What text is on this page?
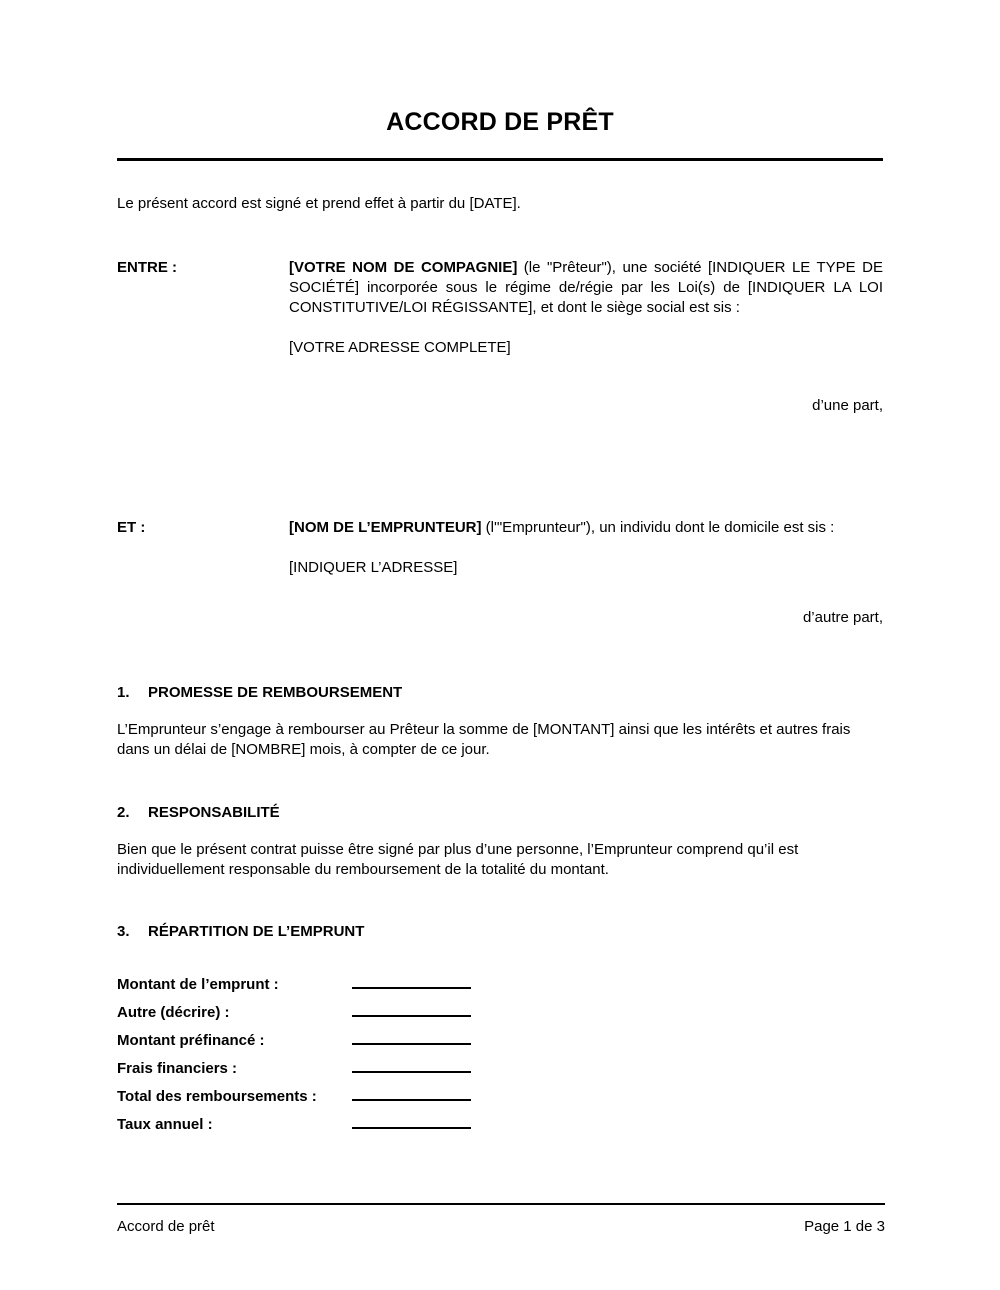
ACCORD DE PRÊT

Le présent accord est signé et prend effet à partir du [DATE].

ENTRE :	[VOTRE NOM DE COMPAGNIE] (le "Prêteur"), une société [INDIQUER LE TYPE DE SOCIÉTÉ] incorporée sous le régime de/régie par les Loi(s) de [INDIQUER LA LOI CONSTITUTIVE/LOI RÉGISSANTE], et dont le siège social est sis :
[VOTRE ADRESSE COMPLETE]
d’une part,
ET :	[NOM DE L’EMPRUNTEUR] (l'"Emprunteur"), un individu dont le domicile est sis :
[INDIQUER L’ADRESSE]
d’autre part,
1.	PROMESSE DE REMBOURSEMENT

L’Emprunteur s’engage à rembourser au Prêteur la somme de [MONTANT] ainsi que les intérêts et autres frais dans un délai de [NOMBRE] mois, à compter de ce jour.

2.	RESPONSABILITÉ

Bien que le présent contrat puisse être signé par plus d’une personne, l’Emprunteur comprend qu’il est individuellement responsable du remboursement de la totalité du montant.

3.	RÉPARTITION DE L’EMPRUNT
Montant de l’emprunt :	

Autre (décrire) :	

Montant préfinancé :	

Frais financiers :	

Total des remboursements :	

Taux annuel :	
Accord de prêt	Page 1 de 3
